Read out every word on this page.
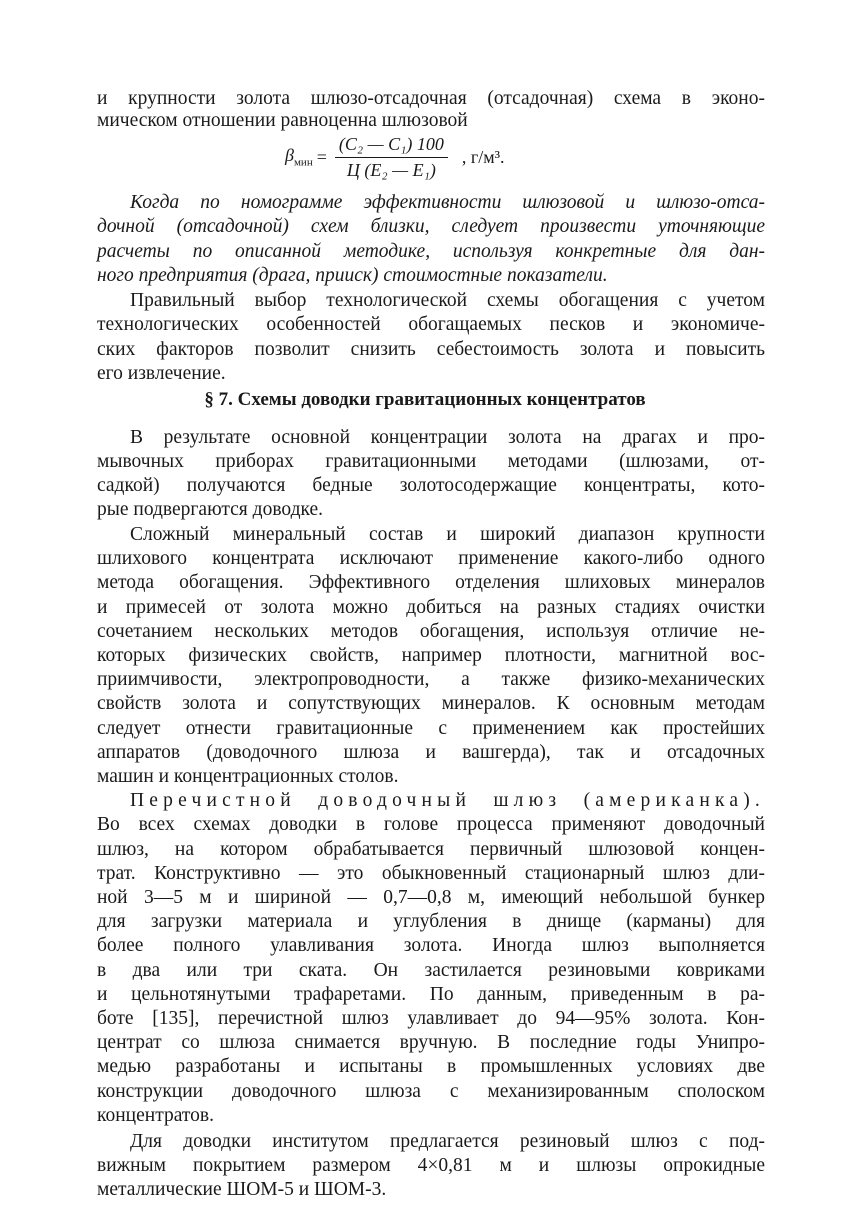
и крупности золота шлюзо-отсадочная (отсадочная) схема в эконо-
мическом отношении равноценна шлюзовой
$\beta_{мин} = \frac{\text{(C₂ — C₁) 100}}{\text{Ц (E₂ — E₁)}}$ , г/м³.
Когда по номограмме эффективности шлюзовой и шлюзо-отса-
дочной (отсадочной) схем близки, следует произвести уточняющие
расчеты по описанной методике, используя конкретные для дан-
ного предприятия (драга, прииск) стоимостные показатели.
Правильный выбор технологической схемы обогащения с учетом
технологических особенностей обогащаемых песков и экономиче-
ских факторов позволит снизить себестоимость золота и повысить
его извлечение.
§ 7. Схемы доводки гравитационных концентратов
В результате основной концентрации золота на драгах и про-
мывочных приборах гравитационными методами (шлюзами, от-
садкой) получаются бедные золотосодержащие концентраты, кото-
рые подвергаются доводке.
Сложный минеральный состав и широкий диапазон крупности
шлихового концентрата исключают применение какого-либо одного
метода обогащения. Эффективного отделения шлиховых минералов
и примесей от золота можно добиться на разных стадиях очистки
сочетанием нескольких методов обогащения, используя отличие не-
которых физических свойств, например плотности, магнитной вос-
приимчивости, электропроводности, а также физико-механических
свойств золота и сопутствующих минералов. К основным методам
следует отнести гравитационные с применением как простейших
аппаратов (доводочного шлюза и вашгерда), так и отсадочных
машин и концентрационных столов.
Перечистной доводочный шлюз (американка).
Во всех схемах доводки в голове процесса применяют доводочный
шлюз, на котором обрабатывается первичный шлюзовой концен-
трат. Конструктивно — это обыкновенный стационарный шлюз дли-
ной 3—5 м и шириной — 0,7—0,8 м, имеющий небольшой бункер
для загрузки материала и углубления в днище (карманы) для
более полного улавливания золота. Иногда шлюз выполняется
в два или три ската. Он застилается резиновыми ковриками
и цельнотянутыми трафаретами. По данным, приведенным в ра-
боте [135], перечистной шлюз улавливает до 94—95% золота. Кон-
центрат со шлюза снимается вручную. В последние годы Унипро-
медью разработаны и испытаны в промышленных условиях две
конструкции доводочного шлюза с механизированным сполоском
концентратов.
Для доводки институтом предлагается резиновый шлюз с под-
вижным покрытием размером 4×0,81 м и шлюзы опрокидные
металлические ШОМ-5 и ШОМ-3.
